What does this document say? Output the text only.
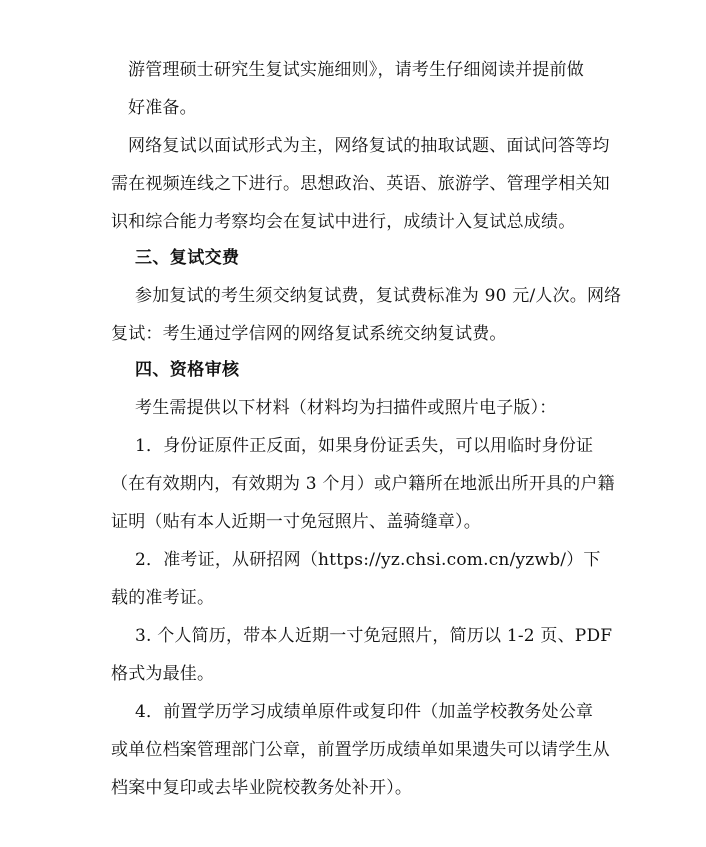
游管理硕士研究生复试实施细则》，请考生仔细阅读并提前做
好准备。
网络复试以面试形式为主，网络复试的抽取试题、面试问答等均
需在视频连线之下进行。思想政治、英语、旅游学、管理学相关知
识和综合能力考察均会在复试中进行，成绩计入复试总成绩。
三、复试交费
参加复试的考生须交纳复试费，复试费标准为 90 元/人次。网络
复试：考生通过学信网的网络复试系统交纳复试费。
四、资格审核
考生需提供以下材料（材料均为扫描件或照片电子版）：
1．身份证原件正反面，如果身份证丢失，可以用临时身份证
（在有效期内，有效期为 3 个月）或户籍所在地派出所开具的户籍
证明（贴有本人近期一寸免冠照片、盖骑缝章）。
2．准考证，从研招网（https://yz.chsi.com.cn/yzwb/）下
载的准考证。
3. 个人简历，带本人近期一寸免冠照片，简历以 1-2 页、PDF
格式为最佳。
4．前置学历学习成绩单原件或复印件（加盖学校教务处公章
或单位档案管理部门公章，前置学历成绩单如果遗失可以请学生从
档案中复印或去毕业院校教务处补开）。
